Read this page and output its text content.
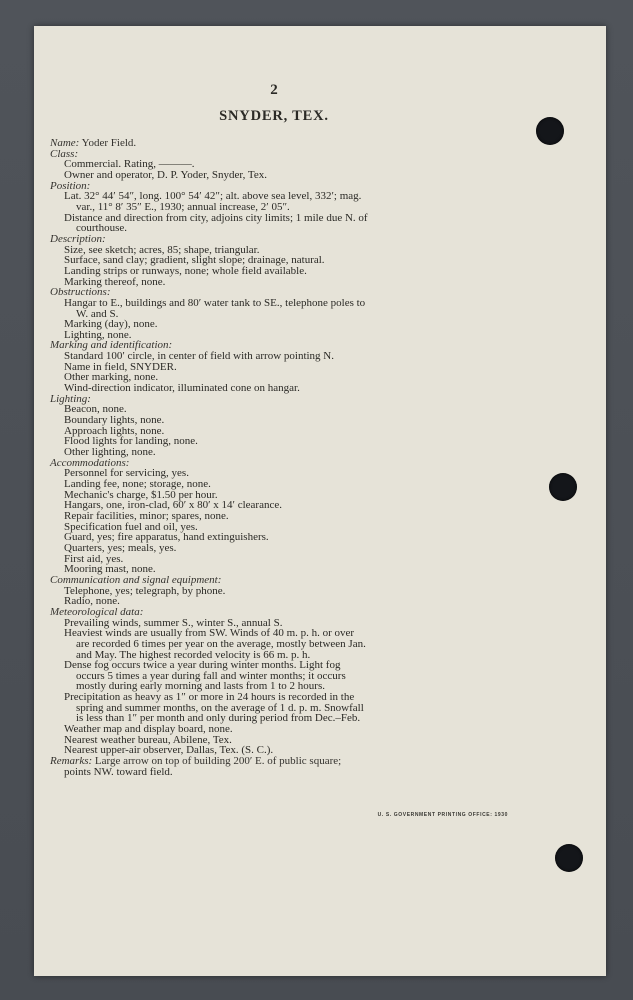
2
SNYDER, TEX.
Name: Yoder Field.
Class:
Commercial. Rating, ———.
Owner and operator, D. P. Yoder, Snyder, Tex.
Position:
Lat. 32° 44′ 54″, long. 100° 54′ 42″; alt. above sea level, 332′; mag.
var., 11° 8′ 35″ E., 1930; annual increase, 2′ 05″.
Distance and direction from city, adjoins city limits; 1 mile due N. of
courthouse.
Description:
Size, see sketch; acres, 85; shape, triangular.
Surface, sand clay; gradient, slight slope; drainage, natural.
Landing strips or runways, none; whole field available.
Marking thereof, none.
Obstructions:
Hangar to E., buildings and 80′ water tank to SE., telephone poles to
W. and S.
Marking (day), none.
Lighting, none.
Marking and identification:
Standard 100′ circle, in center of field with arrow pointing N.
Name in field, SNYDER.
Other marking, none.
Wind-direction indicator, illuminated cone on hangar.
Lighting:
Beacon, none.
Boundary lights, none.
Approach lights, none.
Flood lights for landing, none.
Other lighting, none.
Accommodations:
Personnel for servicing, yes.
Landing fee, none; storage, none.
Mechanic's charge, $1.50 per hour.
Hangars, one, iron-clad, 60′ x 80′ x 14′ clearance.
Repair facilities, minor; spares, none.
Specification fuel and oil, yes.
Guard, yes; fire apparatus, hand extinguishers.
Quarters, yes; meals, yes.
First aid, yes.
Mooring mast, none.
Communication and signal equipment:
Telephone, yes; telegraph, by phone.
Radio, none.
Meteorological data:
Prevailing winds, summer S., winter S., annual S.
Heaviest winds are usually from SW. Winds of 40 m. p. h. or over
are recorded 6 times per year on the average, mostly between Jan.
and May. The highest recorded velocity is 66 m. p. h.
Dense fog occurs twice a year during winter months. Light fog
occurs 5 times a year during fall and winter months; it occurs
mostly during early morning and lasts from 1 to 2 hours.
Precipitation as heavy as 1″ or more in 24 hours is recorded in the
spring and summer months, on the average of 1 d. p. m. Snowfall
is less than 1″ per month and only during period from Dec.–Feb.
Weather map and display board, none.
Nearest weather bureau, Abilene, Tex.
Nearest upper-air observer, Dallas, Tex. (S. C.).
Remarks: Large arrow on top of building 200′ E. of public square;
points NW. toward field.
U. S. GOVERNMENT PRINTING OFFICE: 1930
